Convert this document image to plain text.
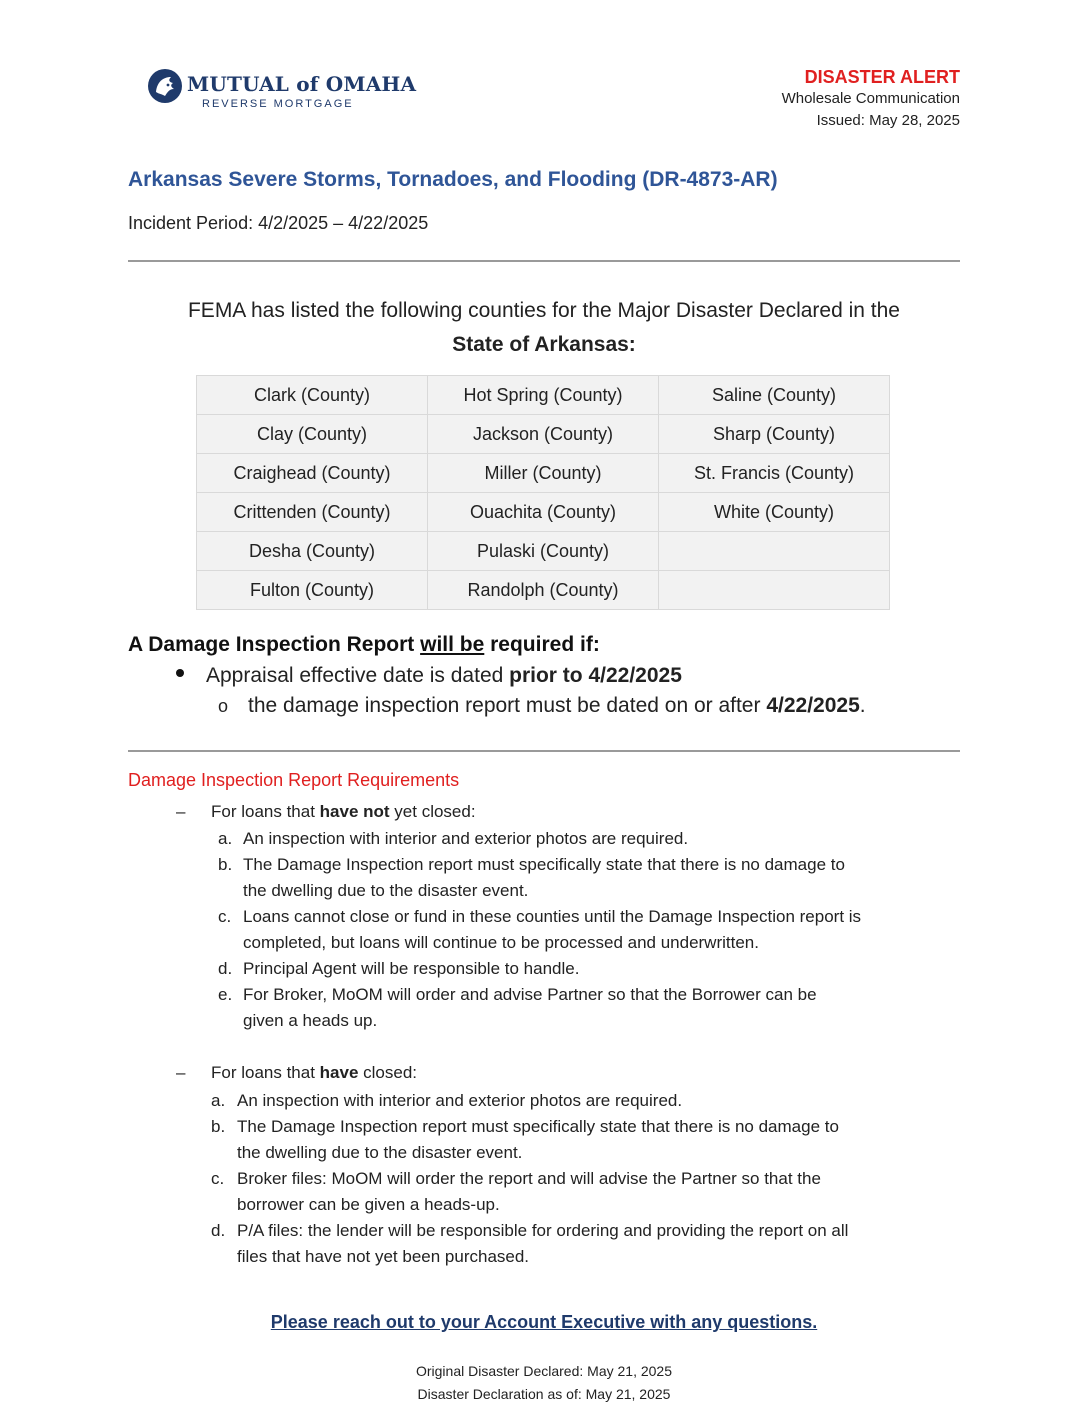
MUTUAL of OMAHA
REVERSE MORTGAGE
DISASTER ALERT
Wholesale Communication
Issued: May 28, 2025
Arkansas Severe Storms, Tornadoes, and Flooding (DR-4873-AR)
Incident Period: 4/2/2025 – 4/22/2025
FEMA has listed the following counties for the Major Disaster Declared in the
State of Arkansas:
Clark (County)	Hot Spring (County)	Saline (County)
Clay (County)	Jackson (County)	Sharp (County)
Craighead (County)	Miller (County)	St. Francis (County)
Crittenden (County)	Ouachita (County)	White (County)
Desha (County)	Pulaski (County)	
Fulton (County)	Randolph (County)	
A Damage Inspection Report will be required if:
Appraisal effective date is dated prior to 4/22/2025
o the damage inspection report must be dated on or after 4/22/2025.
Damage Inspection Report Requirements
– For loans that have not yet closed:
a. An inspection with interior and exterior photos are required.
b. The Damage Inspection report must specifically state that there is no damage to
the dwelling due to the disaster event.
c. Loans cannot close or fund in these counties until the Damage Inspection report is
completed, but loans will continue to be processed and underwritten.
d. Principal Agent will be responsible to handle.
e. For Broker, MoOM will order and advise Partner so that the Borrower can be
given a heads up.
– For loans that have closed:
a. An inspection with interior and exterior photos are required.
b. The Damage Inspection report must specifically state that there is no damage to
the dwelling due to the disaster event.
c. Broker files: MoOM will order the report and will advise the Partner so that the
borrower can be given a heads-up.
d. P/A files: the lender will be responsible for ordering and providing the report on all
files that have not yet been purchased.
Please reach out to your Account Executive with any questions.
Original Disaster Declared: May 21, 2025
Disaster Declaration as of: May 21, 2025
